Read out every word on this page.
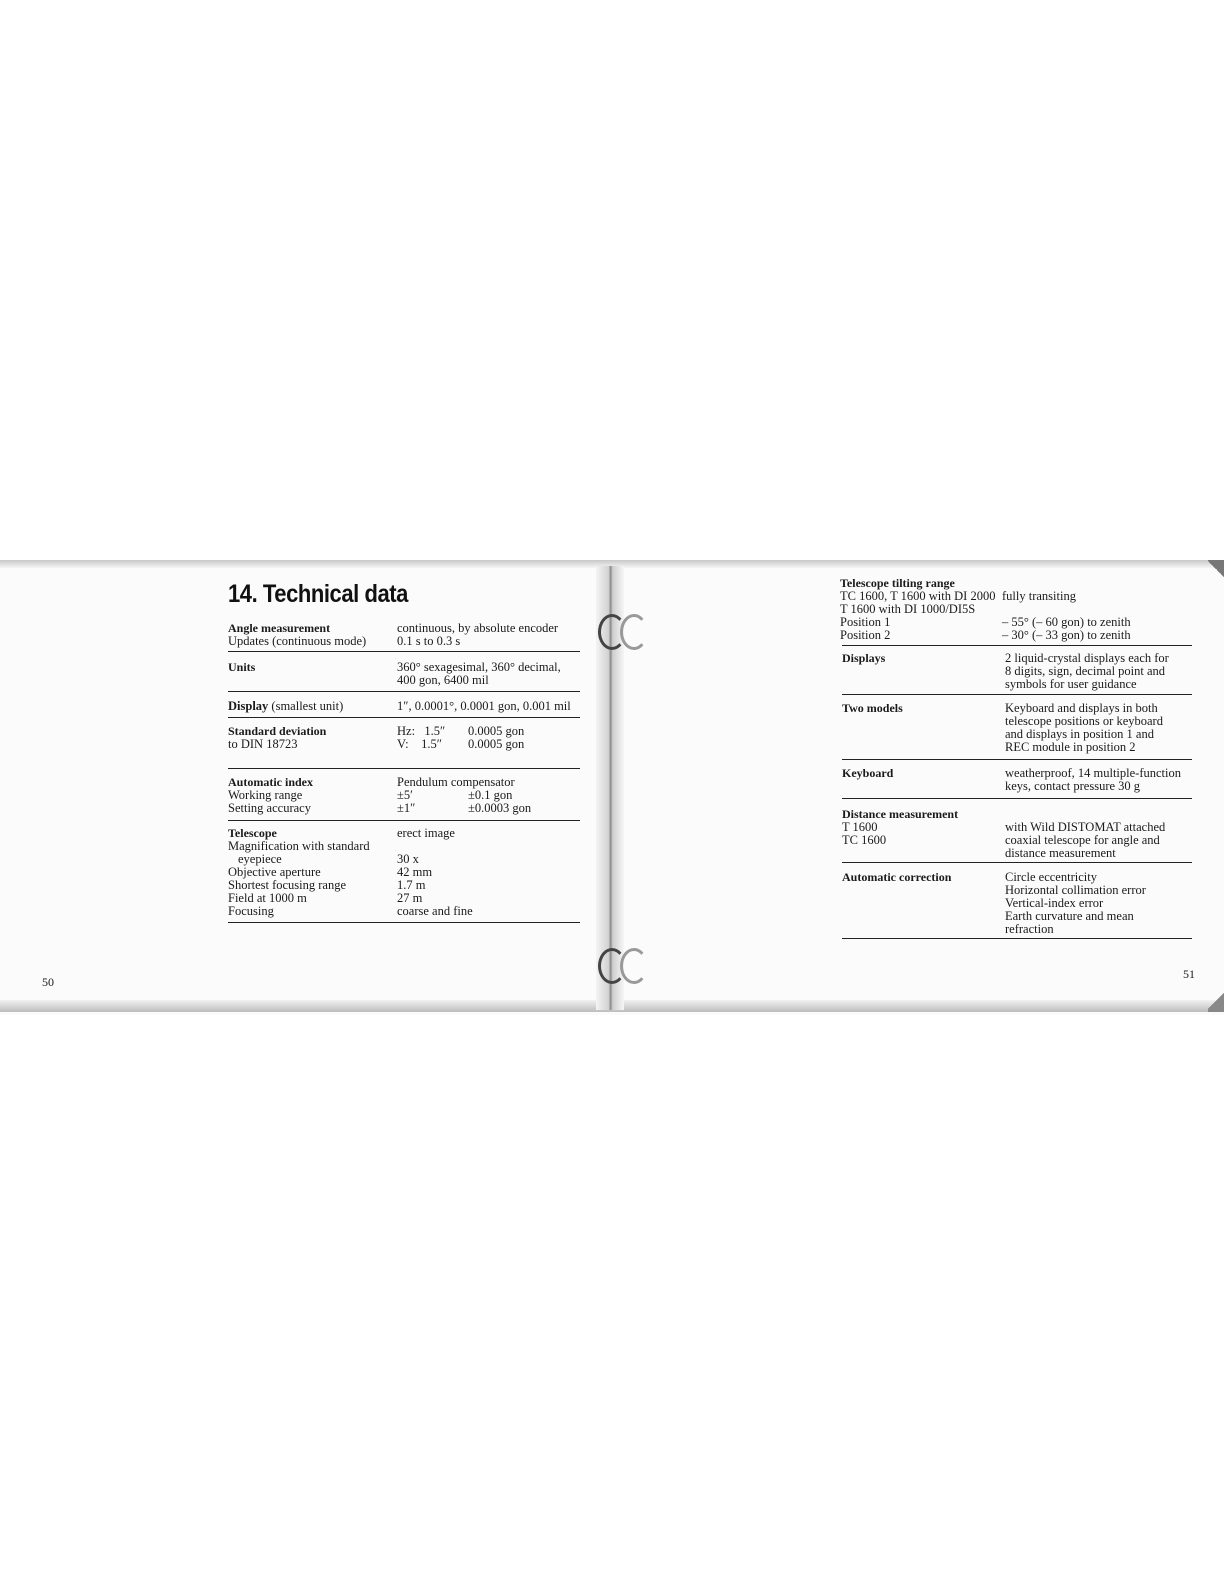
14. Technical data
Angle measurement	continuous, by absolute encoder
Updates (continuous mode) 0.1 s to 0.3 s
Units	360° sexagesimal, 360° decimal,
400 gon, 6400 mil
Display (smallest unit)	1″, 0.0001°, 0.0001 gon, 0.001 mil
Standard deviation	Hz:   1.5″ 0.0005 gon
to DIN 18723	V:    1.5″ 0.0005 gon
Automatic index	Pendulum compensator
Working range	±5′	±0.1 gon
Setting accuracy	±1″	±0.0003 gon
Telescope	erect image
Magnification with standard
eyepiece	30 x
Objective aperture	42 mm
Shortest focusing range	1.7 m
Field at 1000 m	27 m
Focusing	coarse and fine
50
Telescope tilting range
TC 1600, T 1600 with DI 2000 fully transiting
T 1600 with DI 1000/DI5S
Position 1	– 55° (– 60 gon) to zenith
Position 2	– 30° (– 33 gon) to zenith
Displays	2 liquid-crystal displays each for
8 digits, sign, decimal point and
symbols for user guidance
Two models	Keyboard and displays in both
telescope positions or keyboard
and displays in position 1 and
REC module in position 2
Keyboard	weatherproof, 14 multiple-function
keys, contact pressure 30 g
Distance measurement
T 1600	with Wild DISTOMAT attached
TC 1600	coaxial telescope for angle and
distance measurement
Automatic correction	Circle eccentricity
Horizontal collimation error
Vertical-index error
Earth curvature and mean
refraction
51
